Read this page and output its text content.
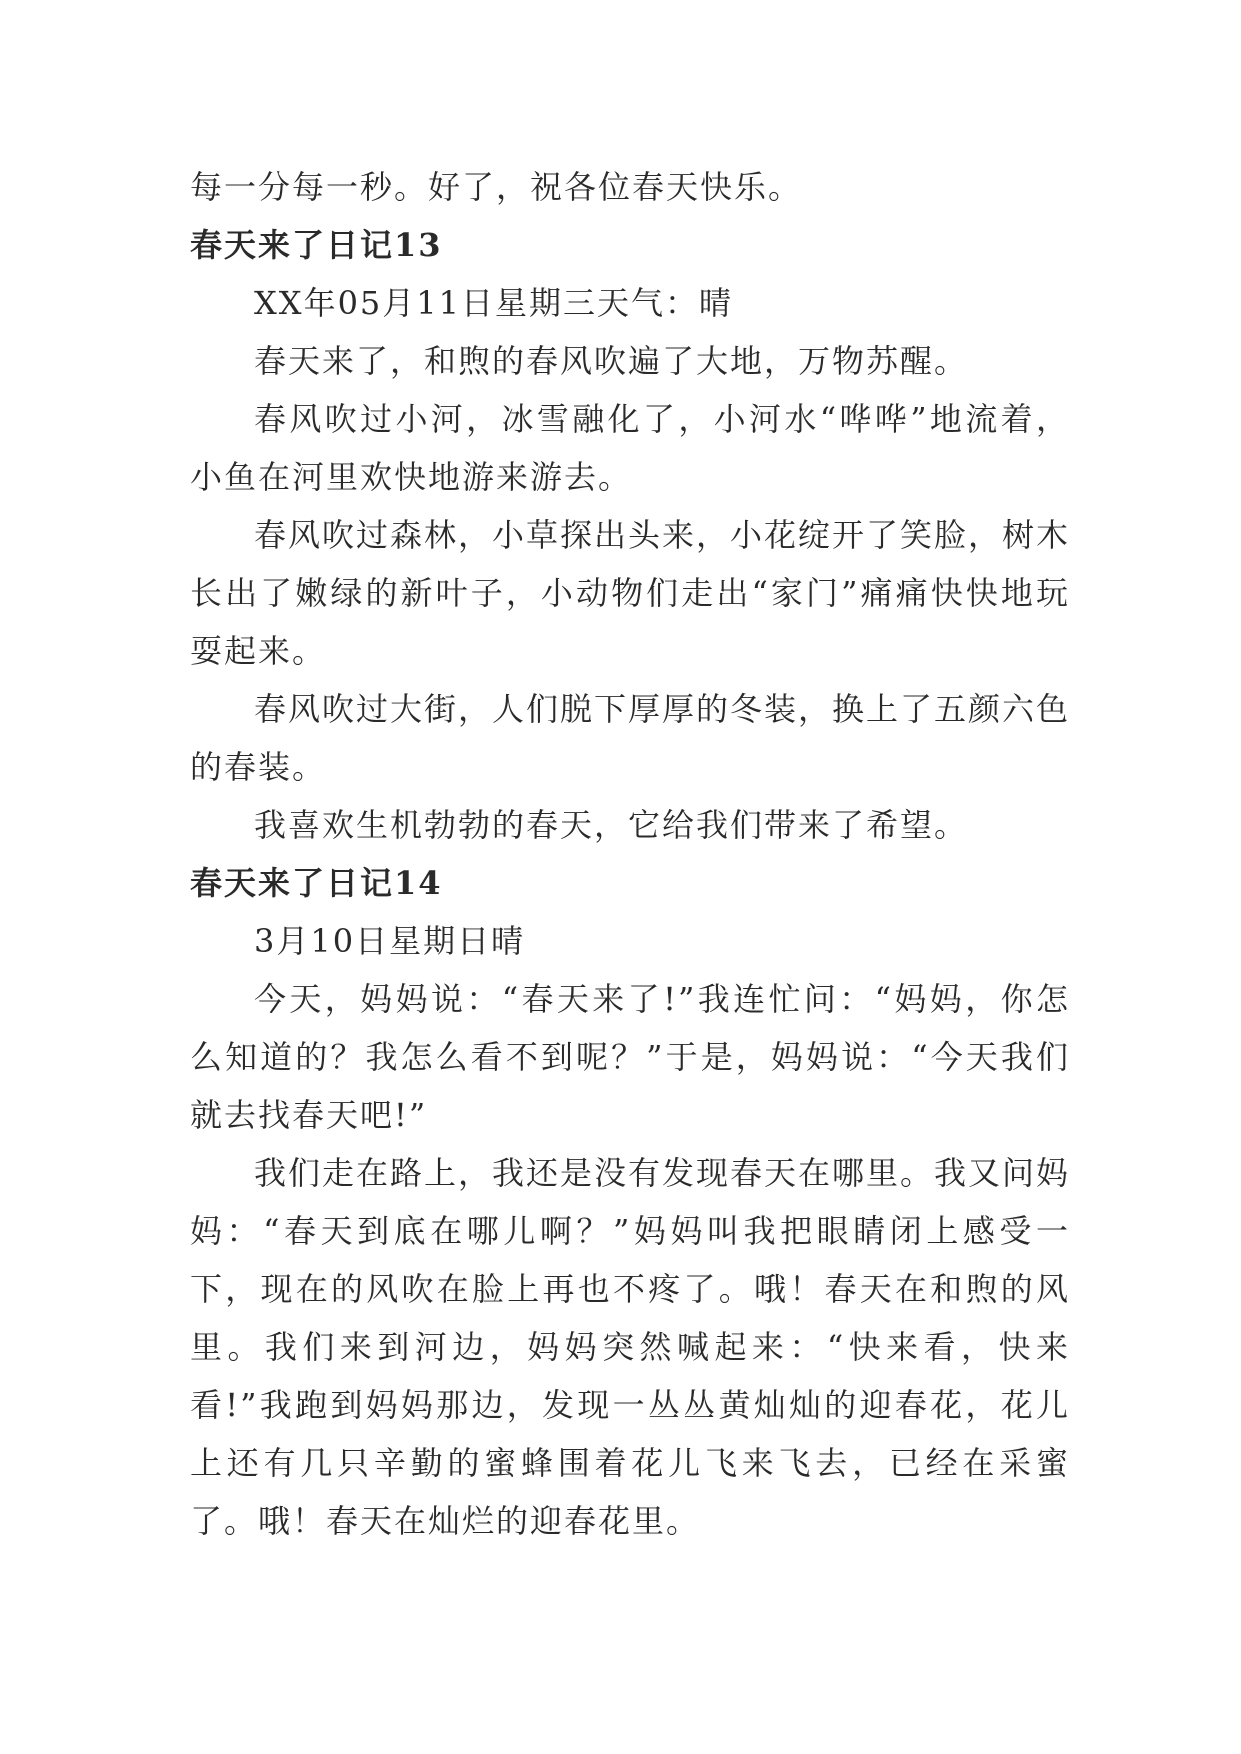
每一分每一秒。好了，祝各位春天快乐。

春天来了日记13

XX年05月11日星期三天气：晴

春天来了，和煦的春风吹遍了大地，万物苏醒。

春风吹过小河，冰雪融化了，小河水“哗哗”地流着，小鱼在河里欢快地游来游去。

春风吹过森林，小草探出头来，小花绽开了笑脸，树木长出了嫩绿的新叶子，小动物们走出“家门”痛痛快快地玩耍起来。

春风吹过大街，人们脱下厚厚的冬装，换上了五颜六色的春装。

我喜欢生机勃勃的春天，它给我们带来了希望。

春天来了日记14

3月10日星期日晴

今天，妈妈说：“春天来了!”我连忙问：“妈妈，你怎么知道的？我怎么看不到呢？”于是，妈妈说：“今天我们就去找春天吧!”

我们走在路上，我还是没有发现春天在哪里。我又问妈妈：“春天到底在哪儿啊？”妈妈叫我把眼睛闭上感受一下，现在的风吹在脸上再也不疼了。哦！春天在和煦的风里。我们来到河边，妈妈突然喊起来：“快来看，快来看!”我跑到妈妈那边，发现一丛丛黄灿灿的迎春花，花儿上还有几只辛勤的蜜蜂围着花儿飞来飞去，已经在采蜜了。哦！春天在灿烂的迎春花里。
